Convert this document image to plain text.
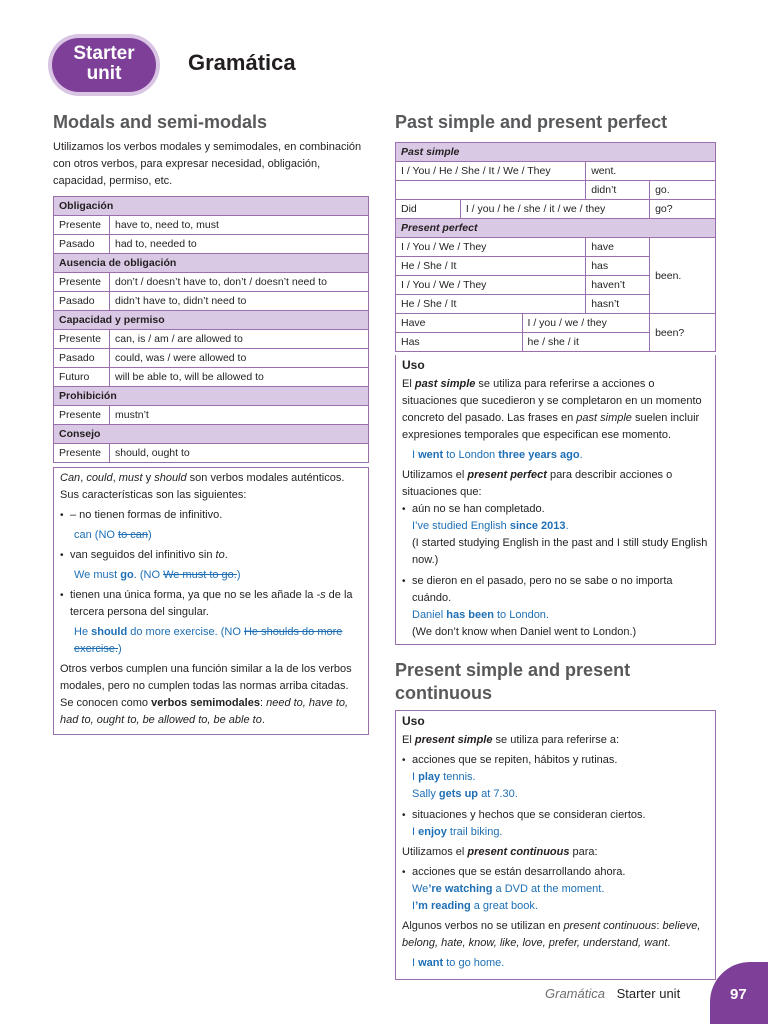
Starter
unit	Gramática
Modals and semi-modals
Utilizamos los verbos modales y semimodales, en combinación con otros verbos, para expresar necesidad, obligación, capacidad, permiso, etc.
Obligación	
Presente	have to, need to, must
Pasado	had to, needed to
Ausencia de obligación	
Presente	don’t / doesn’t have to, don’t / doesn’t need to
Pasado	didn’t have to, didn’t need to
Capacidad y permiso	
Presente	can, is / am / are allowed to
Pasado	could, was / were allowed to
Futuro	will be able to, will be allowed to
Prohibición	
Presente	mustn’t
Consejo	
Presente	should, ought to
Can, could, must y should son verbos modales auténticos. Sus características son las siguientes:
• – no tienen formas de infinitivo.
can (NO to can)
• van seguidos del infinitivo sin to.
We must go. (NO We must to go.)
• tienen una única forma, ya que no se les añade la -s de la tercera persona del singular.
He should do more exercise. (NO He shoulds do more exercise.)
Otros verbos cumplen una función similar a la de los verbos modales, pero no cumplen todas las normas arriba citadas. Se conocen como verbos semimodales: need to, have to, had to, ought to, be allowed to, be able to.
Past simple and present perfect
Past simple				
I / You / He / She / It / We / They			went.	
			didn’t	go.
Did	I / you / he / she / it / we / they			go?
Present perfect				
I / You / We / They			have	been.
He / She / It			has	
I / You / We / They			haven’t	
He / She / It			hasn’t	
Have		I / you / we / they		been?
Has		he / she / it		
Uso
El past simple se utiliza para referirse a acciones o situaciones que sucedieron y se completaron en un momento concreto del pasado. Las frases en past simple suelen incluir expresiones temporales que especifican ese momento.
I went to London three years ago.
Utilizamos el present perfect para describir acciones o situaciones que:
• aún no se han completado.
I’ve studied English since 2013.
(I started studying English in the past and I still study English now.)
• se dieron en el pasado, pero no se sabe o no importa cuándo.
Daniel has been to London.
(We don’t know when Daniel went to London.)
Present simple and present continuous
Uso
El present simple se utiliza para referirse a:
• acciones que se repiten, hábitos y rutinas.
I play tennis.
Sally gets up at 7.30.
• situaciones y hechos que se consideran ciertos.
I enjoy trail biking.
Utilizamos el present continuous para:
• acciones que se están desarrollando ahora.
We’re watching a DVD at the moment.
I’m reading a great book.
Algunos verbos no se utilizan en present continuous: believe, belong, hate, know, like, love, prefer, understand, want.
I want to go home.
Gramática Starter unit	97
